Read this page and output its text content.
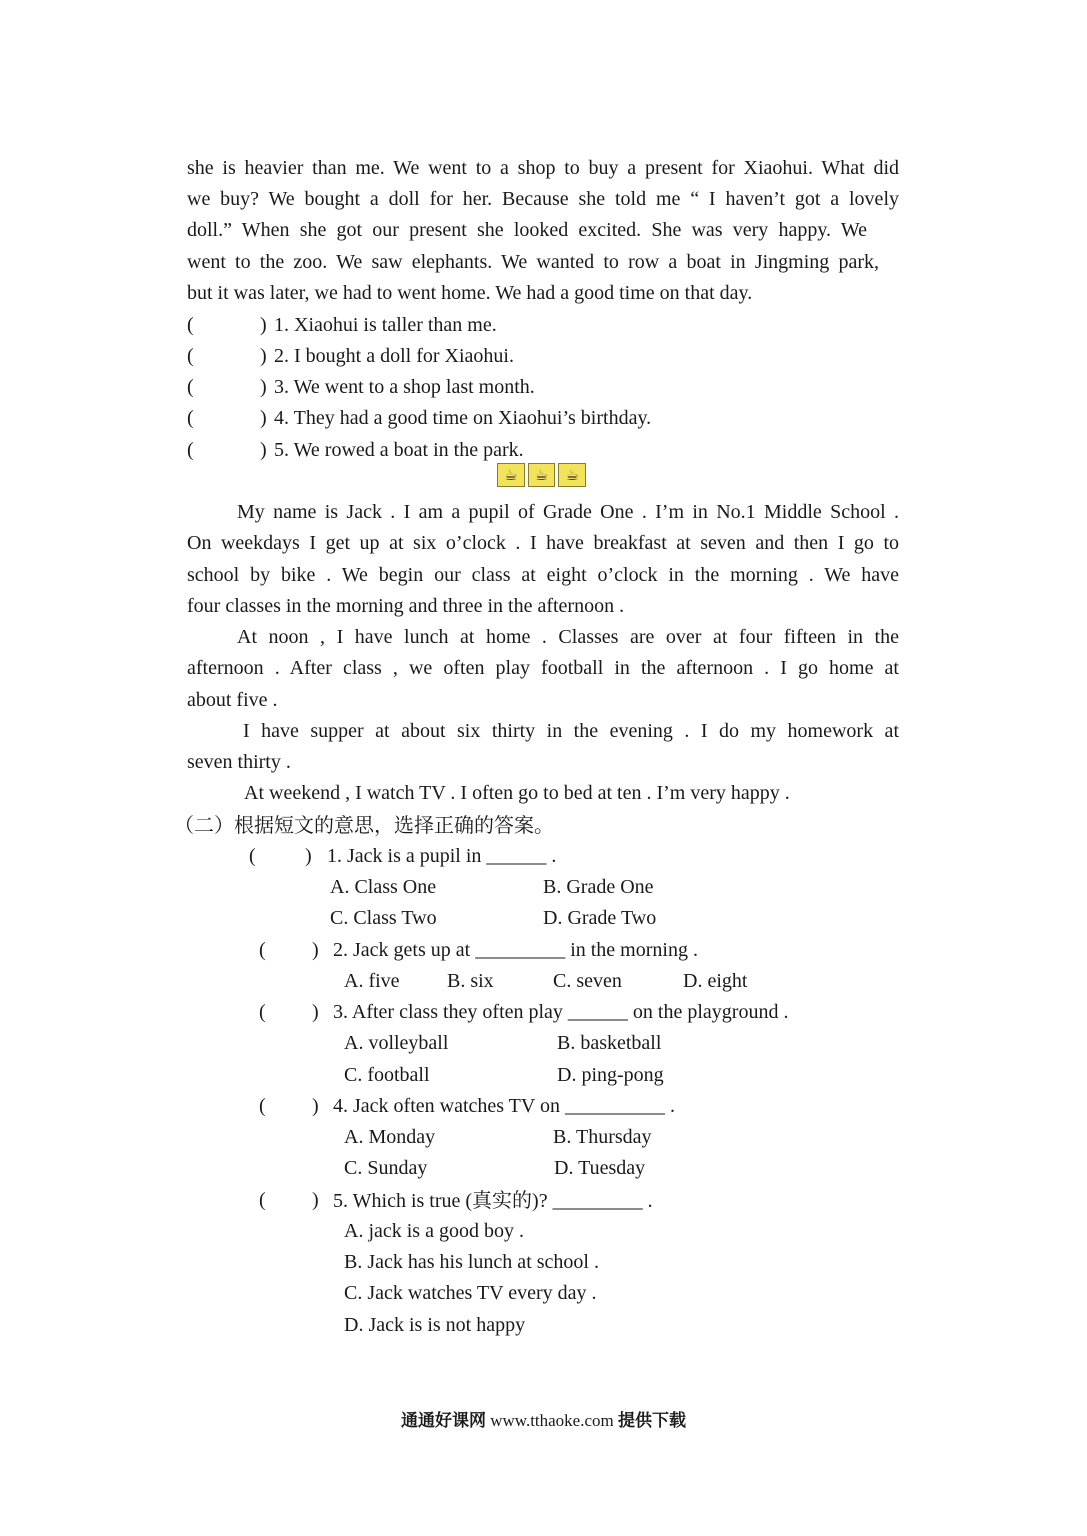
she is heavier than me. We went to a shop to buy a present for Xiaohui. What did
we buy? We bought a doll for her. Because she told me “ I haven’t got a lovely
doll.” When she got our present she looked excited. She was very happy. We
went to the zoo. We saw elephants. We wanted to row a boat in Jingming park,
but it was later, we had to went home. We had a good time on that day.
(	) 1. Xiaohui is taller than me.
(	) 2. I bought a doll for Xiaohui.
(	) 3. We went to a shop last month.
(	) 4. They had a good time on Xiaohui’s birthday.
(	) 5. We rowed a boat in the park.
☕ ☕ ☕
My name is Jack . I am a pupil of Grade One . I’m in No.1 Middle School .
On weekdays I get up at six o’clock . I have breakfast at seven and then I go to
school by bike . We begin our class at eight o’clock in the morning . We have
four classes in the morning and three in the afternoon .
At noon , I have lunch at home . Classes are over at four fifteen in the
afternoon . After class , we often play football in the afternoon . I go home at
about five .
I have supper at about six thirty in the evening . I do my homework at
seven thirty .
At weekend , I watch TV . I often go to bed at ten . I’m very happy .
（二）根据短文的意思，选择正确的答案。
( ) 1. Jack is a pupil in ______ .
A. Class One	B. Grade One
C. Class Two	D. Grade Two
( ) 2. Jack gets up at _________ in the morning .
A. five B. six	C. seven	D. eight
( ) 3. After class they often play ______ on the playground .
A. volleyball	B. basketball
C. football	D. ping-pong
( ) 4. Jack often watches TV on __________ .
A. Monday	B. Thursday
C. Sunday	D. Tuesday
( ) 5. Which is true (真实的)? _________ .
A. jack is a good boy .
B. Jack has his lunch at school .
C. Jack watches TV every day .
D. Jack is is not happy
通通好课网 www.tthaoke.com 提供下载
